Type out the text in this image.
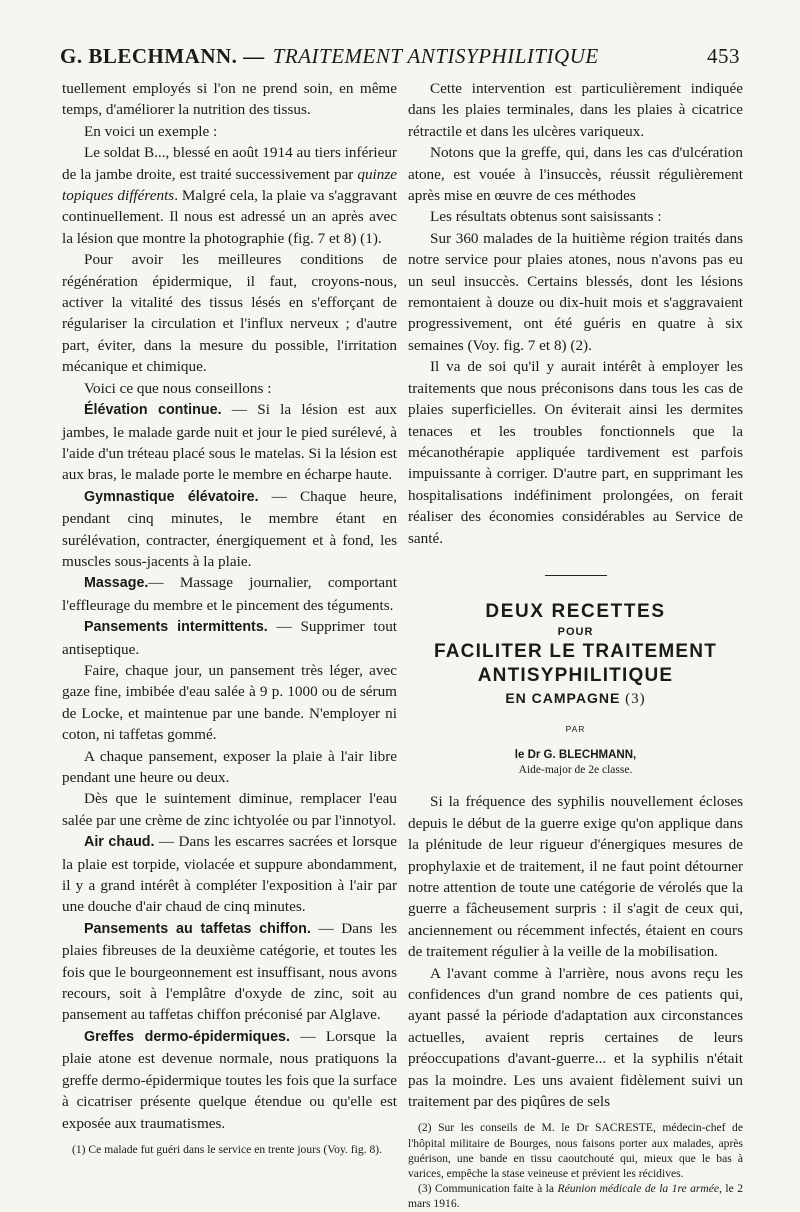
G. BLECHMANN. — TRAITEMENT ANTISYPHILITIQUE	453

tuellement employés si l'on ne prend soin, en même temps, d'améliorer la nutrition des tissus.

En voici un exemple :

Le soldat B..., blessé en août 1914 au tiers inférieur de la jambe droite, est traité successivement par quinze topiques différents. Malgré cela, la plaie va s'aggravant continuellement. Il nous est adressé un an après avec la lésion que montre la photographie (fig. 7 et 8) (1).

Pour avoir les meilleures conditions de régénération épidermique, il faut, croyons-nous, activer la vitalité des tissus lésés en s'efforçant de régulariser la circulation et l'influx nerveux ; d'autre part, éviter, dans la mesure du possible, l'irritation mécanique et chimique.

Voici ce que nous conseillons :

Élévation continue. — Si la lésion est aux jambes, le malade garde nuit et jour le pied surélevé, à l'aide d'un tréteau placé sous le matelas. Si la lésion est aux bras, le malade porte le membre en écharpe haute.

Gymnastique élévatoire. — Chaque heure, pendant cinq minutes, le membre étant en surélévation, contracter, énergiquement et à fond, les muscles sous-jacents à la plaie.

Massage.— Massage journalier, comportant l'effleurage du membre et le pincement des téguments.

Pansements intermittents. — Supprimer tout antiseptique.

Faire, chaque jour, un pansement très léger, avec gaze fine, imbibée d'eau salée à 9 p. 1000 ou de sérum de Locke, et maintenue par une bande. N'employer ni coton, ni taffetas gommé.

A chaque pansement, exposer la plaie à l'air libre pendant une heure ou deux.

Dès que le suintement diminue, remplacer l'eau salée par une crème de zinc ichtyolée ou par l'innotyol.

Air chaud. — Dans les escarres sacrées et lorsque la plaie est torpide, violacée et suppure abondamment, il y a grand intérêt à compléter l'exposition à l'air par une douche d'air chaud de cinq minutes.

Pansements au taffetas chiffon. — Dans les plaies fibreuses de la deuxième catégorie, et toutes les fois que le bourgeonnement est insuffisant, nous avons recours, soit à l'emplâtre d'oxyde de zinc, soit au pansement au taffetas chiffon préconisé par Alglave.

Greffes dermo-épidermiques. — Lorsque la plaie atone est devenue normale, nous pratiquons la greffe dermo-épidermique toutes les fois que la surface à cicatriser présente quelque étendue ou qu'elle est exposée aux traumatismes.

(1) Ce malade fut guéri dans le service en trente jours (Voy. fig. 8).

Cette intervention est particulièrement indiquée dans les plaies terminales, dans les plaies à cicatrice rétractile et dans les ulcères variqueux.

Notons que la greffe, qui, dans les cas d'ulcération atone, est vouée à l'insuccès, réussit régulièrement après mise en œuvre de ces méthodes

Les résultats obtenus sont saisissants :

Sur 360 malades de la huitième région traités dans notre service pour plaies atones, nous n'avons pas eu un seul insuccès. Certains blessés, dont les lésions remontaient à douze ou dix-huit mois et s'aggravaient progressivement, ont été guéris en quatre à six semaines (Voy. fig. 7 et 8) (2).

Il va de soi qu'il y aurait intérêt à employer les traitements que nous préconisons dans tous les cas de plaies superficielles. On éviterait ainsi les dermites tenaces et les troubles fonctionnels que la mécanothérapie appliquée tardivement est parfois impuissante à corriger. D'autre part, en supprimant les hospitalisations indéfiniment prolongées, on ferait réaliser des économies considérables au Service de santé.

DEUX RECETTES
POUR
FACILITER LE TRAITEMENT
ANTISYPHILITIQUE
EN CAMPAGNE (3)
PAR
le Dr G. BLECHMANN,
Aide-major de 2e classe.

Si la fréquence des syphilis nouvellement écloses depuis le début de la guerre exige qu'on applique dans la plénitude de leur rigueur d'énergiques mesures de prophylaxie et de traitement, il ne faut point détourner notre attention de toute une catégorie de vérolés que la guerre a fâcheusement surpris : il s'agit de ceux qui, anciennement ou récemment infectés, étaient en cours de traitement régulier à la veille de la mobilisation.

A l'avant comme à l'arrière, nous avons reçu les confidences d'un grand nombre de ces patients qui, ayant passé la période d'adaptation aux circonstances actuelles, avaient repris certaines de leurs préoccupations d'avant-guerre... et la syphilis n'était pas la moindre. Les uns avaient fidèlement suivi un traitement par des piqûres de sels

(2) Sur les conseils de M. le Dr SACRESTE, médecin-chef de l'hôpital militaire de Bourges, nous faisons porter aux malades, après guérison, une bande en tissu caoutchouté qui, mieux que le bas à varices, empêche la stase veineuse et prévient les récidives.

(3) Communication faite à la Réunion médicale de la 1re armée, le 2 mars 1916.
